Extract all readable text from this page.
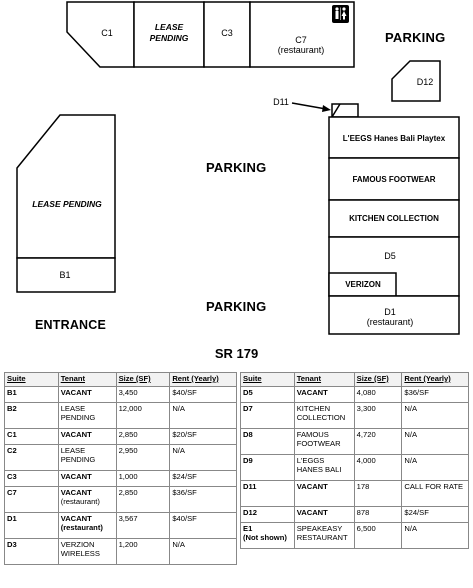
C1
LEASE PENDING	C3
C7
(restaurant)
PARKING
PARKING
PARKING
ENTRANCE
D12
D11
L'EEGS Hanes Bali Playtex
FAMOUS FOOTWEAR
KITCHEN COLLECTION
D5
VERIZON
D1
(restaurant)
LEASE PENDING
B1
SR 179
Suite	Tenant	Size (SF)	Rent (Yearly)

B1	VACANT	3,450	$40/SF

B2	LEASE PENDING	12,000	N/A

C1	VACANT	2,850	$20/SF

C2	LEASE PENDING	2,950	N/A

C3	VACANT	1,000	$24/SF

C7	VACANT
(restaurant)	2,850	$36/SF

D1	VACANT
(restaurant)	3,567	$40/SF

D3	VERZION WIRELESS	1,200	N/A
Suite	Tenant	Size (SF)	Rent (Yearly)

D5	VACANT	4,080	$36/SF

D7	KITCHEN COLLECTION	3,300	N/A

D8	FAMOUS FOOTWEAR	4,720	N/A

D9	L'EGGS HANES BALI	4,000	N/A

D11	VACANT	178	CALL FOR RATE

D12	VACANT	878	$24/SF

E1
(Not shown)	SPEAKEASY RESTAURANT	6,500	N/A
